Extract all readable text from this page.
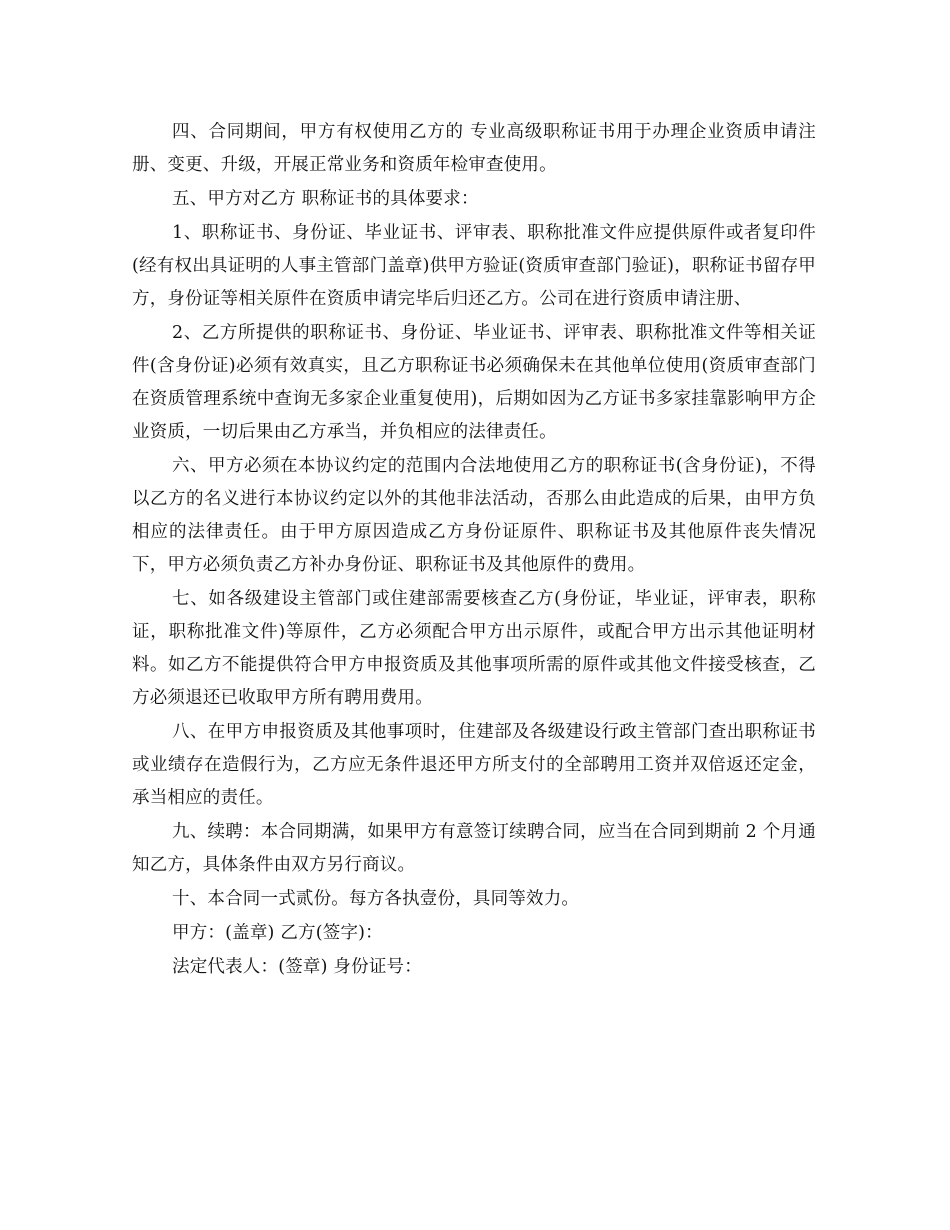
四、合同期间，甲方有权使用乙方的 专业高级职称证书用于办理企业资质申请注册、变更、升级，开展正常业务和资质年检审查使用。

五、甲方对乙方 职称证书的具体要求：

1、职称证书、身份证、毕业证书、评审表、职称批准文件应提供原件或者复印件(经有权出具证明的人事主管部门盖章)供甲方验证(资质审查部门验证)，职称证书留存甲方，身份证等相关原件在资质申请完毕后归还乙方。公司在进行资质申请注册、

2、乙方所提供的职称证书、身份证、毕业证书、评审表、职称批准文件等相关证件(含身份证)必须有效真实，且乙方职称证书必须确保未在其他单位使用(资质审查部门在资质管理系统中查询无多家企业重复使用)，后期如因为乙方证书多家挂靠影响甲方企业资质，一切后果由乙方承当，并负相应的法律责任。

六、甲方必须在本协议约定的范围内合法地使用乙方的职称证书(含身份证)，不得以乙方的名义进行本协议约定以外的其他非法活动，否那么由此造成的后果，由甲方负相应的法律责任。由于甲方原因造成乙方身份证原件、职称证书及其他原件丧失情况下，甲方必须负责乙方补办身份证、职称证书及其他原件的费用。

七、如各级建设主管部门或住建部需要核查乙方(身份证，毕业证，评审表，职称证，职称批准文件)等原件，乙方必须配合甲方出示原件，或配合甲方出示其他证明材料。如乙方不能提供符合甲方申报资质及其他事项所需的原件或其他文件接受核查，乙方必须退还已收取甲方所有聘用费用。

八、在甲方申报资质及其他事项时，住建部及各级建设行政主管部门查出职称证书或业绩存在造假行为，乙方应无条件退还甲方所支付的全部聘用工资并双倍返还定金，承当相应的责任。

九、续聘：本合同期满，如果甲方有意签订续聘合同，应当在合同到期前 2 个月通知乙方，具体条件由双方另行商议。

十、本合同一式贰份。每方各执壹份，具同等效力。

甲方：(盖章) 乙方(签字)：

法定代表人：(签章) 身份证号：
